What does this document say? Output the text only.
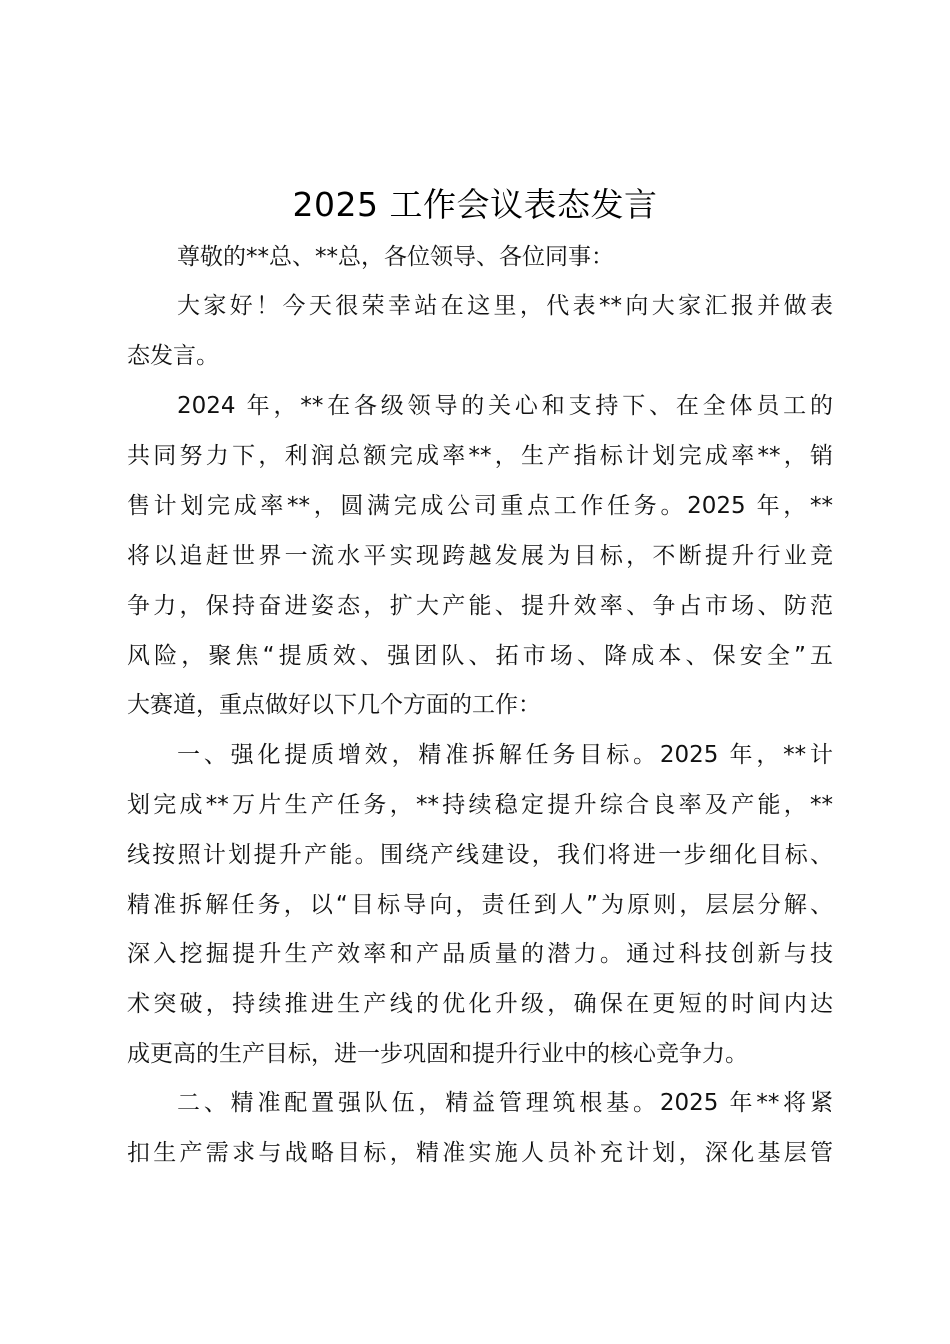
2025 工作会议表态发言
尊敬的**总、**总，各位领导、各位同事：
大家好！今天很荣幸站在这里，代表**向大家汇报并做表
态发言。
2024 年，**在各级领导的关心和支持下、在全体员工的
共同努力下，利润总额完成率**，生产指标计划完成率**，销
售计划完成率**，圆满完成公司重点工作任务。2025 年，**
将以追赶世界一流水平实现跨越发展为目标，不断提升行业竞
争力，保持奋进姿态，扩大产能、提升效率、争占市场、防范
风险，聚焦“提质效、强团队、拓市场、降成本、保安全”五
大赛道，重点做好以下几个方面的工作：
一、强化提质增效，精准拆解任务目标。2025 年，**计
划完成**万片生产任务，**持续稳定提升综合良率及产能，**
线按照计划提升产能。围绕产线建设，我们将进一步细化目标、
精准拆解任务，以“目标导向，责任到人”为原则，层层分解、
深入挖掘提升生产效率和产品质量的潜力。通过科技创新与技
术突破，持续推进生产线的优化升级，确保在更短的时间内达
成更高的生产目标，进一步巩固和提升行业中的核心竞争力。
二、精准配置强队伍，精益管理筑根基。2025 年**将紧
扣生产需求与战略目标，精准实施人员补充计划，深化基层管
